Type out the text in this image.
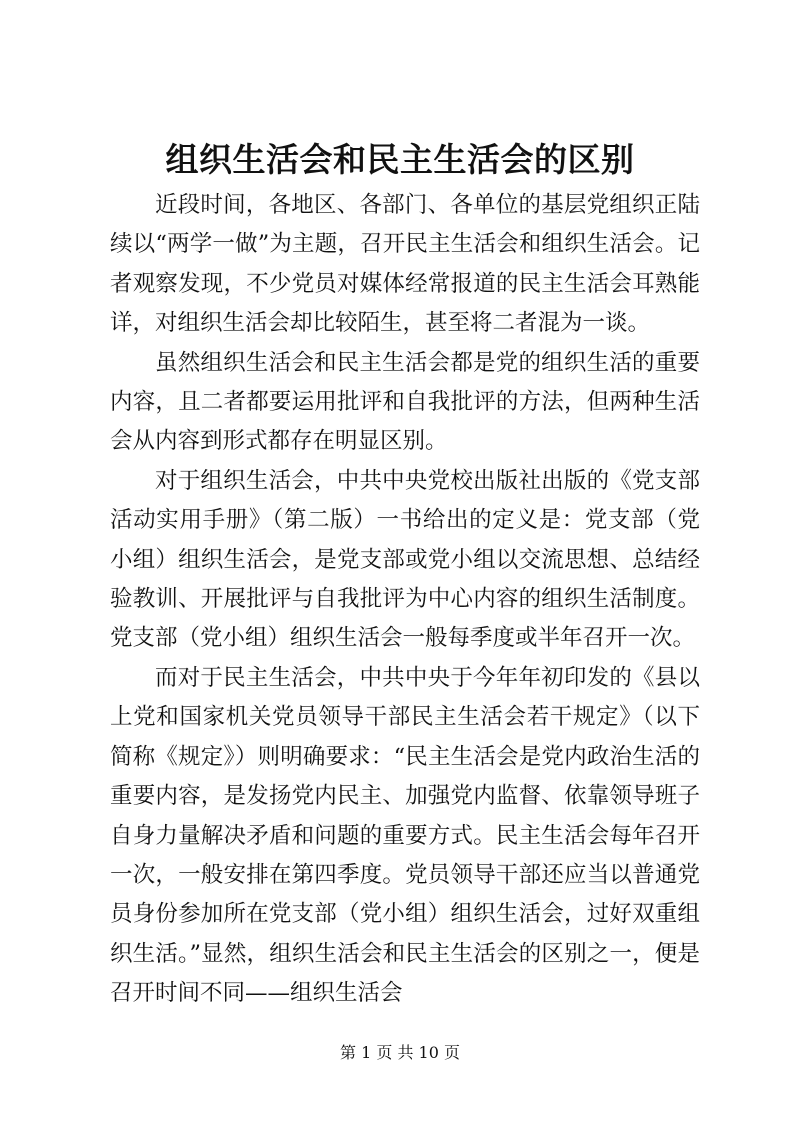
组织生活会和民主生活会的区别

近段时间，各地区、各部门、各单位的基层党组织正陆续以“两学一做”为主题，召开民主生活会和组织生活会。记者观察发现，不少党员对媒体经常报道的民主生活会耳熟能详，对组织生活会却比较陌生，甚至将二者混为一谈。

虽然组织生活会和民主生活会都是党的组织生活的重要内容，且二者都要运用批评和自我批评的方法，但两种生活会从内容到形式都存在明显区别。

对于组织生活会，中共中央党校出版社出版的《党支部活动实用手册》（第二版）一书给出的定义是：党支部（党小组）组织生活会，是党支部或党小组以交流思想、总结经验教训、开展批评与自我批评为中心内容的组织生活制度。党支部（党小组）组织生活会一般每季度或半年召开一次。

而对于民主生活会，中共中央于今年年初印发的《县以上党和国家机关党员领导干部民主生活会若干规定》（以下简称《规定》）则明确要求：“民主生活会是党内政治生活的重要内容，是发扬党内民主、加强党内监督、依靠领导班子自身力量解决矛盾和问题的重要方式。民主生活会每年召开一次，一般安排在第四季度。党员领导干部还应当以普通党员身份参加所在党支部（党小组）组织生活会，过好双重组织生活。”显然，组织生活会和民主生活会的区别之一，便是召开时间不同——组织生活会

第 1 页 共 10 页
